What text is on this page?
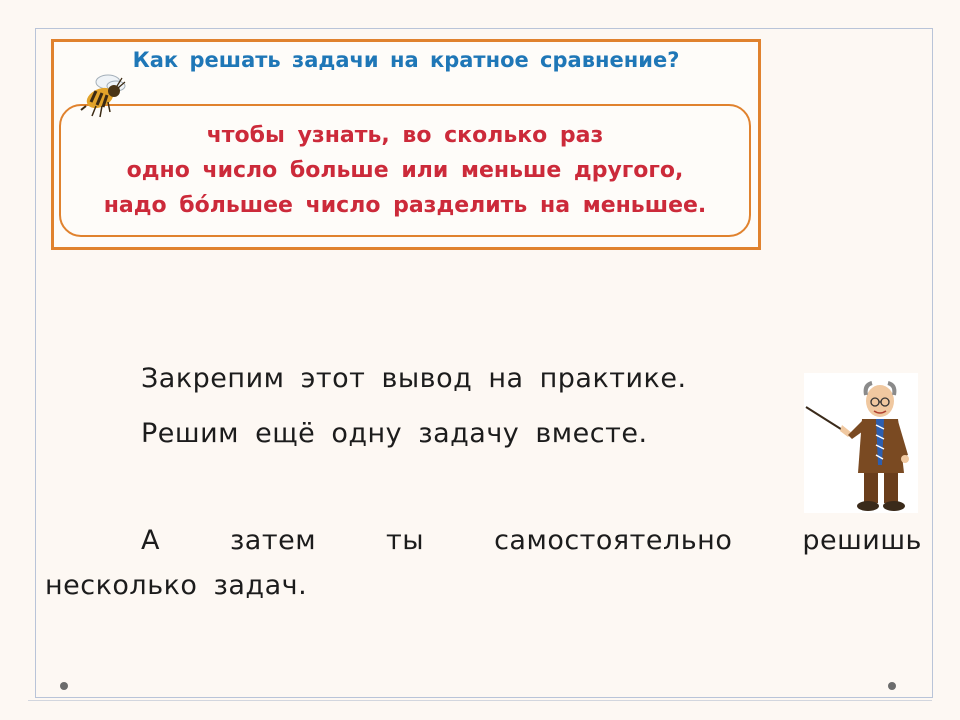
Как решать задачи на кратное сравнение?
чтобы узнать, во сколько раз
одно число больше или меньше другого,
надо бóльшее число разделить на меньшее.
Закрепим этот вывод на практике.
Решим ещё одну задачу вместе.
А	затем	ты	самостоятельно	решишь
несколько задач.
